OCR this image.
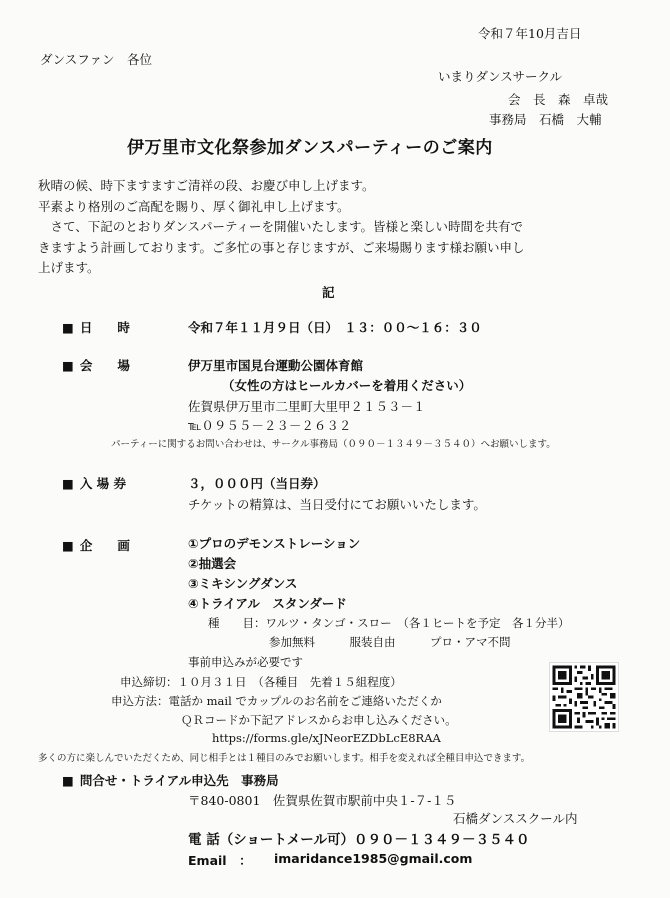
令和７年10月吉日
ダンスファン　各位
いまりダンスサークル
会　長　森　卓哉
事務局　石橋　大輔
伊万里市文化祭参加ダンスパーティーのご案内
秋晴の候、時下ますますご清祥の段、お慶び申し上げます。
平素より格別のご高配を賜り、厚く御礼申し上げます。
　さて、下記のとおりダンスパーティーを開催いたします。皆様と楽しい時間を共有で
きますよう計画しております。ご多忙の事と存じますが、ご来場賜ります様お願い申し
上げます。
記
■ 日　　時	令和７年１１月９日（日）　１３：００～１６：３０
■ 会　　場	伊万里市国見台運動公園体育館
（女性の方はヒールカバーを着用ください）
佐賀県伊万里市二里町大里甲２１５３－１
℡０９５５－２３－２６３２
パーティーに関するお問い合わせは、サークル事務局（０９０－１３４９－３５４０）へお願いします。
■ 入 場 券	３，０００円（当日券）
チケットの精算は、当日受付にてお願いいたします。
■ 企　　画	①プロのデモンストレーション
②抽選会
③ミキシングダンス
④トライアル　スタンダード
種　　目：ワルツ・タンゴ・スロー　（各１ヒートを予定　各１分半）
参加無料　　　服装自由　　　プロ・アマ不問
事前申込みが必要です
申込締切：１０月３１日　（各種目　先着１５組程度）
申込方法：電話か mail でカップルのお名前をご連絡いただくか
ＱＲコードか下記アドレスからお申し込みください。
https://forms.gle/xJNeorEZDbLcE8RAA
多くの方に楽しんでいただくため、同じ相手とは１種目のみでお願いします。相手を変えれば全種目申込できます。
■ 問合せ・トライアル申込先　事務局
〒840-0801　佐賀県佐賀市駅前中央１-７-１５
石橋ダンススクール内
電 話（ショートメール可）０９０－１３４９－３５４０
Email　： imaridance1985@gmail.com
